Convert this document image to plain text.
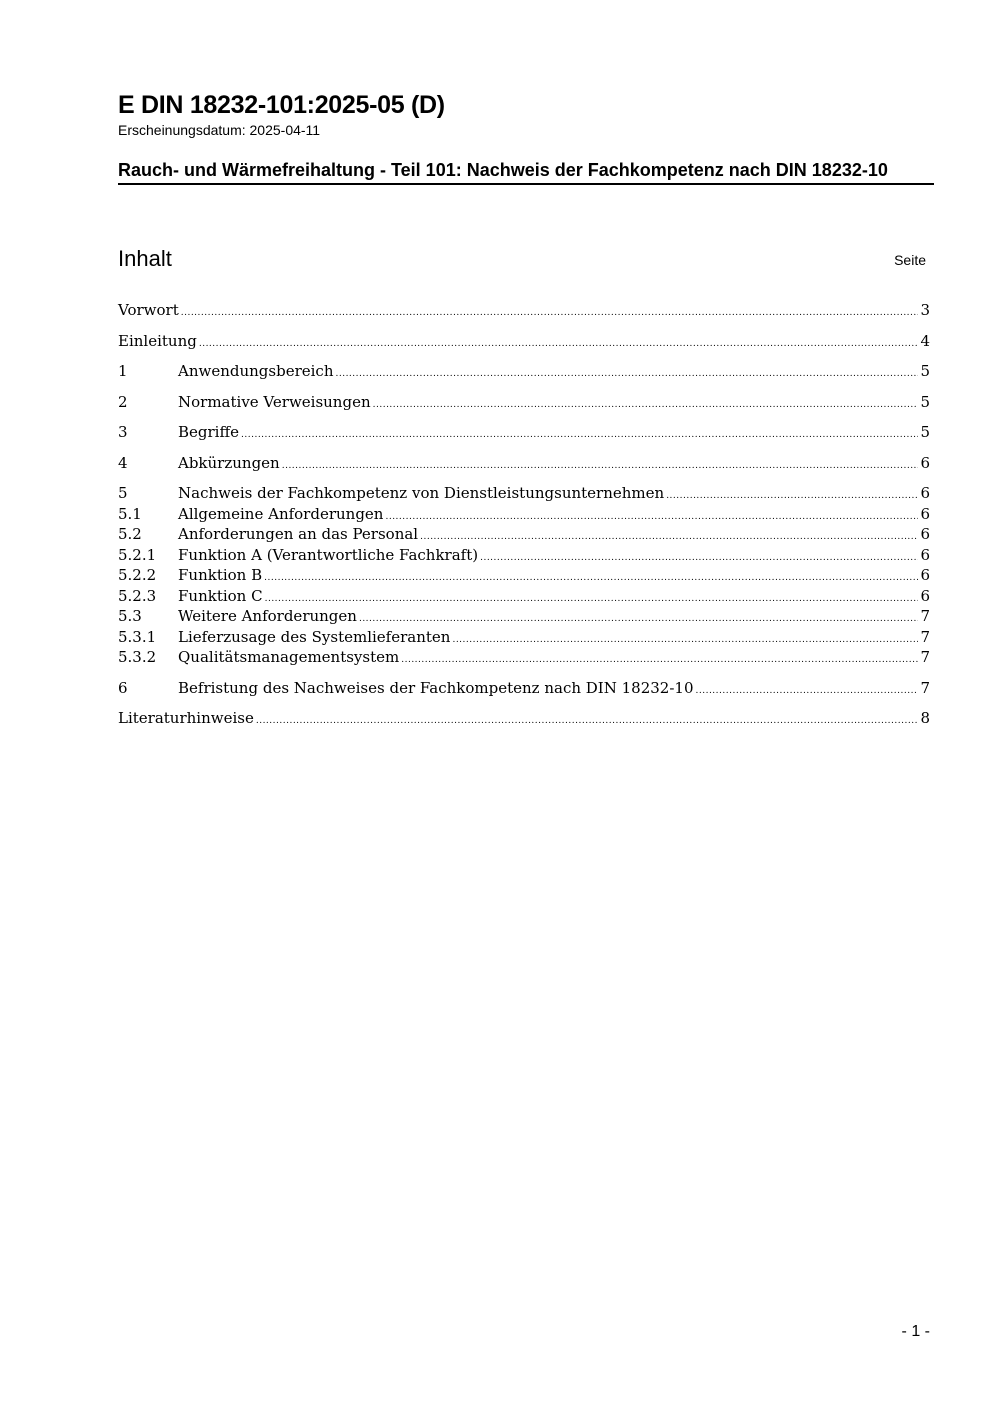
E DIN 18232-101:2025-05 (D)
Erscheinungsdatum: 2025-04-11
Rauch- und Wärmefreihaltung - Teil 101: Nachweis der Fachkompetenz nach DIN 18232-10
Inhalt	Seite
Vorwort .....	3
Einleitung .....	4
1	Anwendungsbereich .....	5
2	Normative Verweisungen .....	5
3	Begriffe .....	5
4	Abkürzungen .....	6
5	Nachweis der Fachkompetenz von Dienstleistungsunternehmen .....	6
5.1	Allgemeine Anforderungen .....	6
5.2	Anforderungen an das Personal .....	6
5.2.1	Funktion A (Verantwortliche Fachkraft) .....	6
5.2.2	Funktion B .....	6
5.2.3	Funktion C .....	6
5.3	Weitere Anforderungen .....	7
5.3.1	Lieferzusage des Systemlieferanten .....	7
5.3.2	Qualitätsmanagementsystem .....	7
6	Befristung des Nachweises der Fachkompetenz nach DIN 18232-10 .....	7
Literaturhinweise .....	8
- 1 -
